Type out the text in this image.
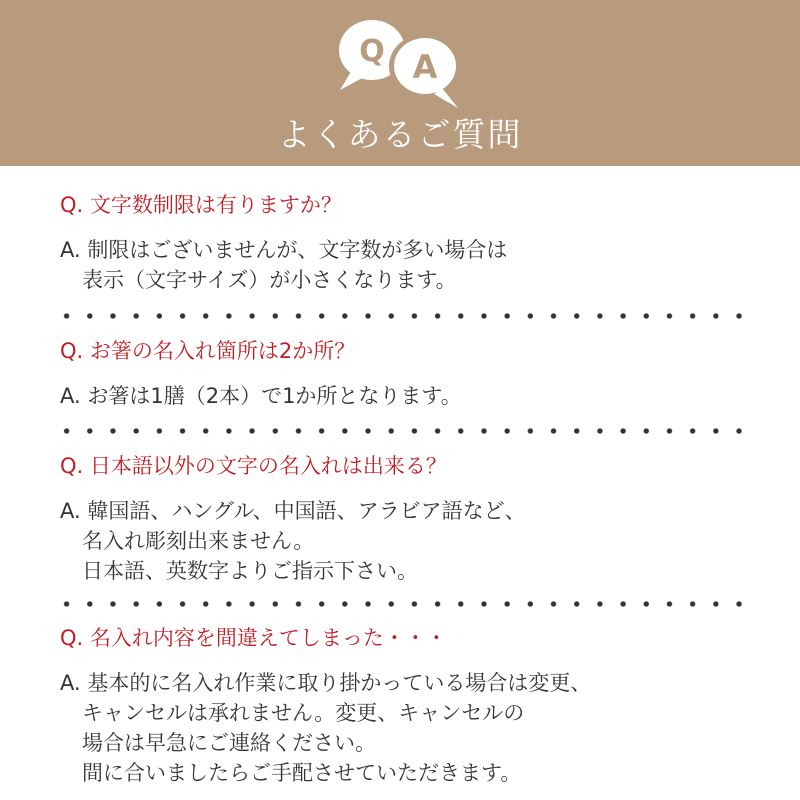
Q A
よくあるご質問
Q. 文字数制限は有りますか？
A. 制限はございませんが、文字数が多い場合は
表示（文字サイズ）が小さくなります。
Q. お箸の名入れ箇所は2か所？
A. お箸は1膳（2本）で1か所となります。
Q. 日本語以外の文字の名入れは出来る？
A. 韓国語、ハングル、中国語、アラビア語など、
名入れ彫刻出来ません。
日本語、英数字よりご指示下さい。
Q. 名入れ内容を間違えてしまった・・・
A. 基本的に名入れ作業に取り掛かっている場合は変更、
キャンセルは承れません。変更、キャンセルの
場合は早急にご連絡ください。
間に合いましたらご手配させていただきます。
